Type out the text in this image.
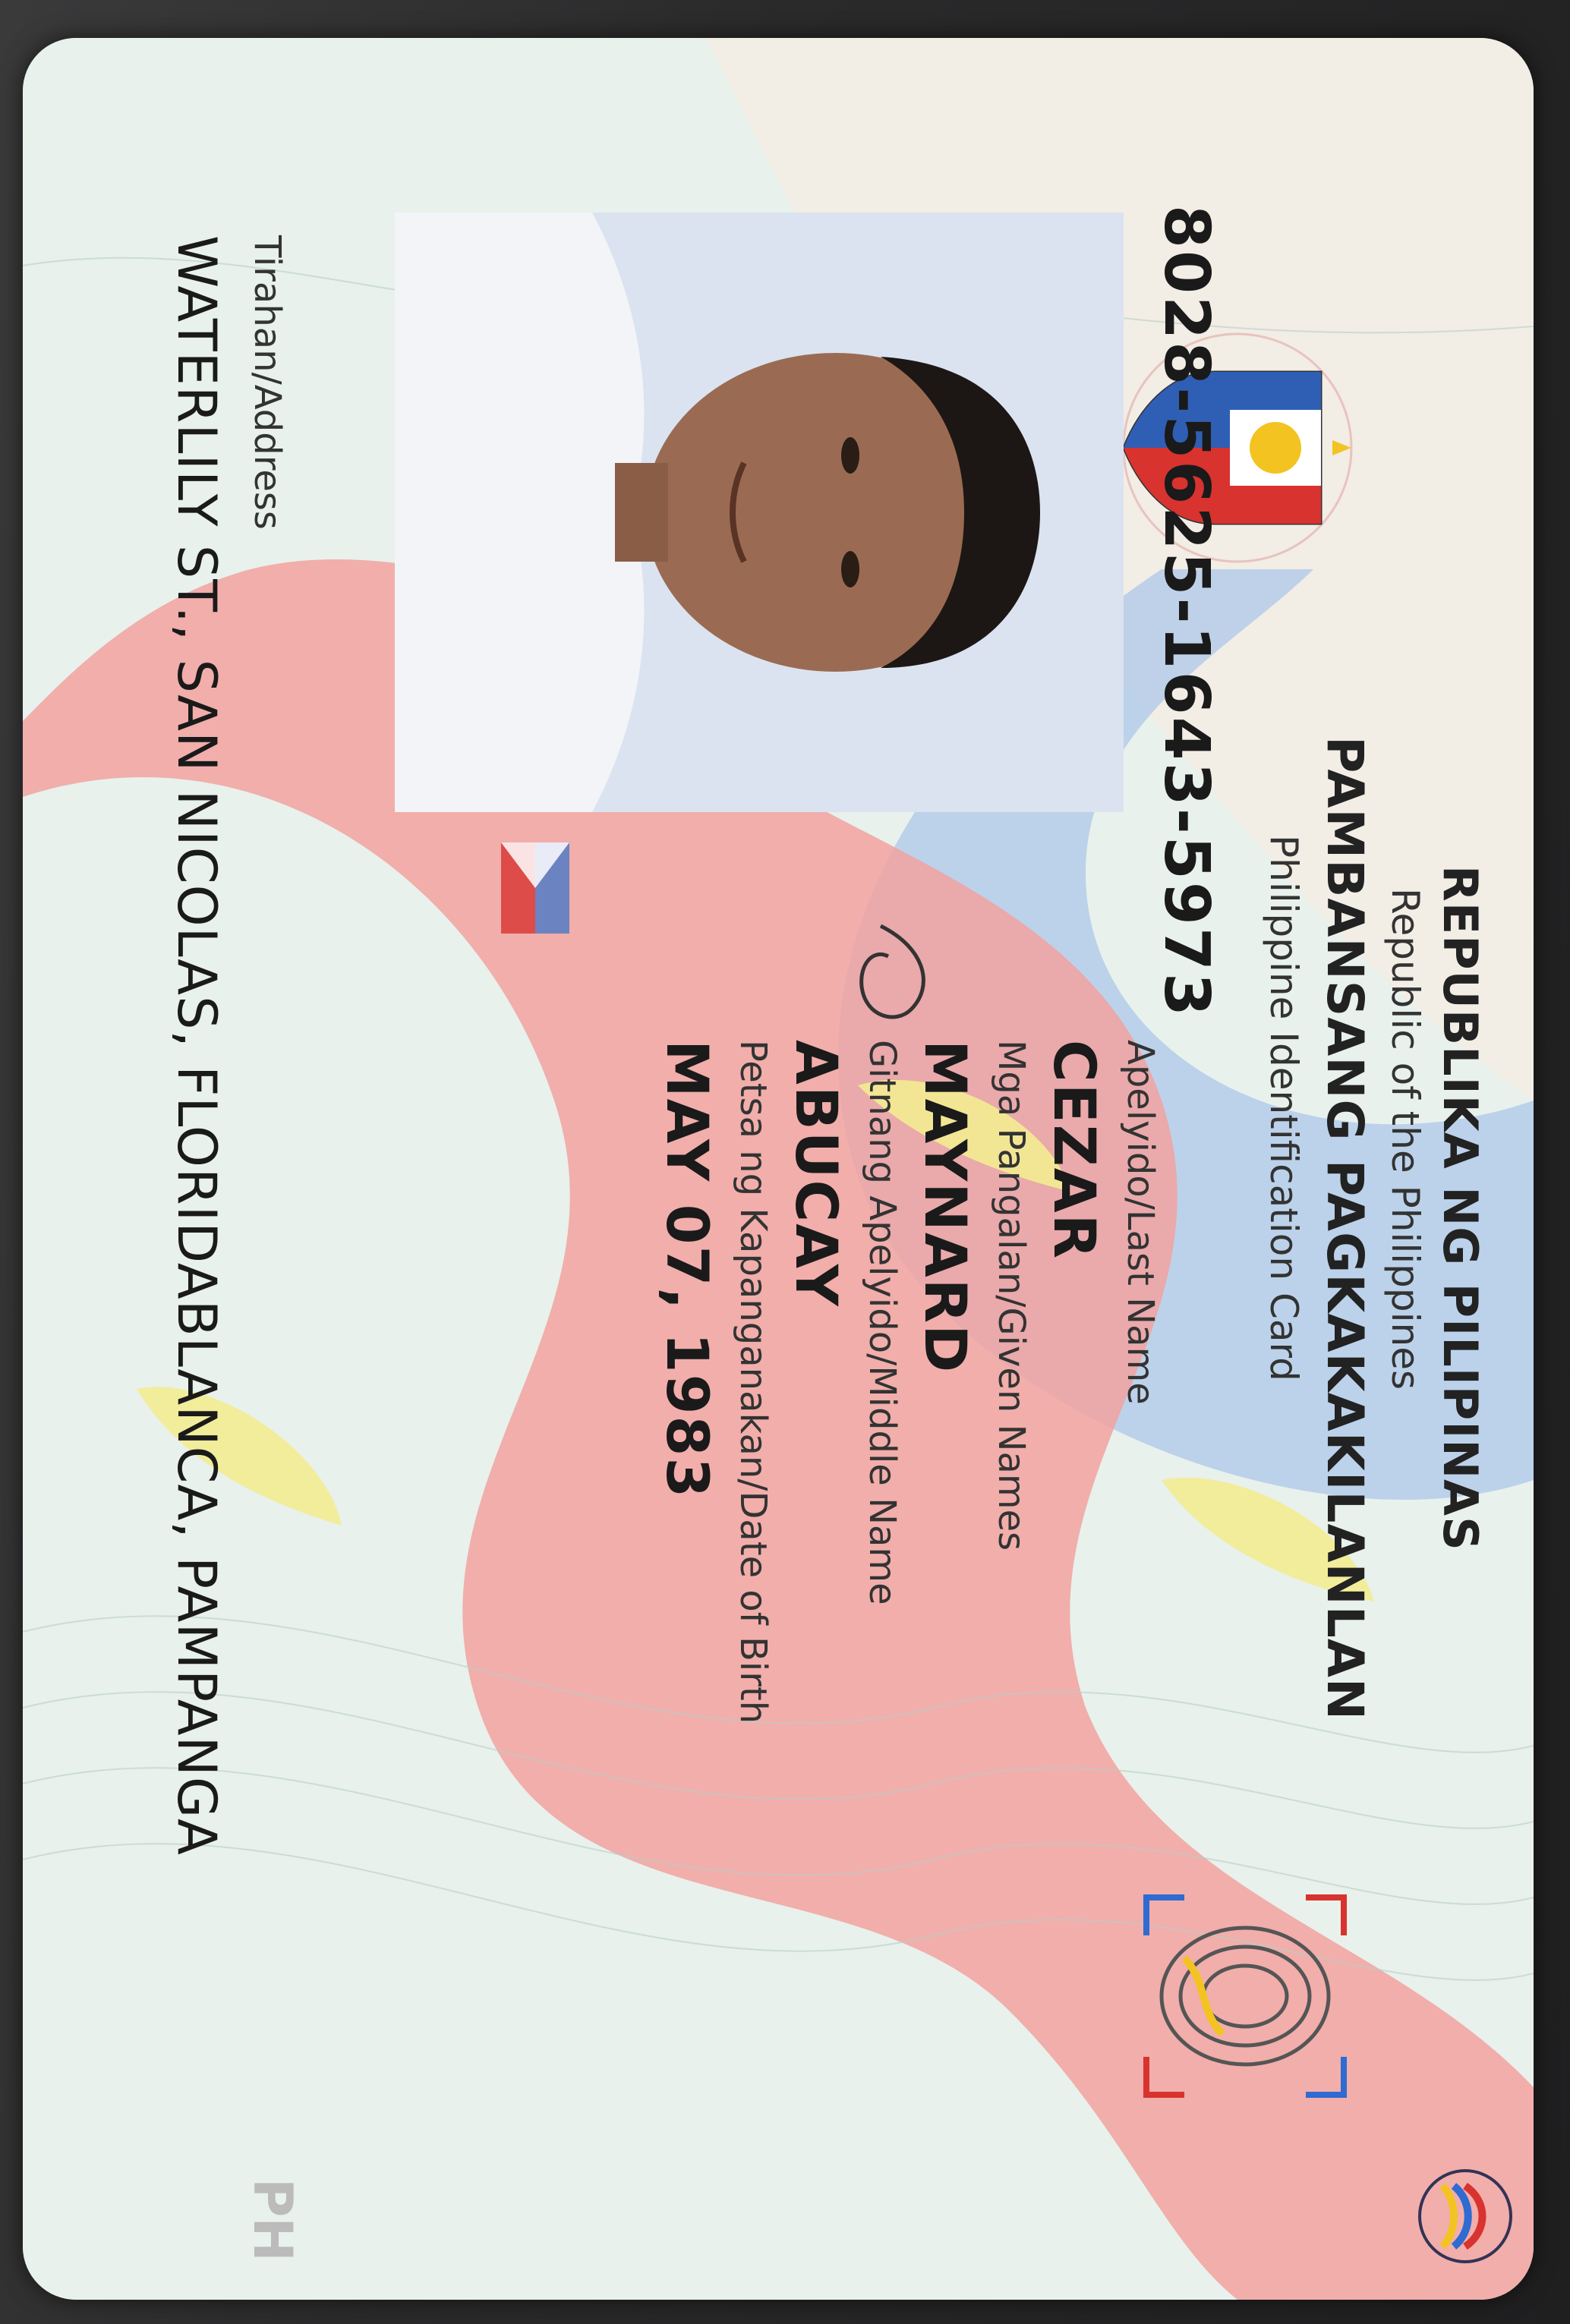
REPUBLIKA NG PILIPINAS
Republic of the Philippines
PAMBANSANG PAGKAKAKILANLAN
Philippine Identification Card
8028-5625-1643-5973
Apelyido/Last Name
CEZAR
Mga Pangalan/Given Names
MAYNARD
Gitnang Apelyido/Middle Name
ABUCAY
Petsa ng Kapanganakan/Date of Birth
MAY 07, 1983
Tirahan/Address
WATERLILY ST., SAN NICOLAS, FLORIDABLANCA, PAMPANGA
PH
